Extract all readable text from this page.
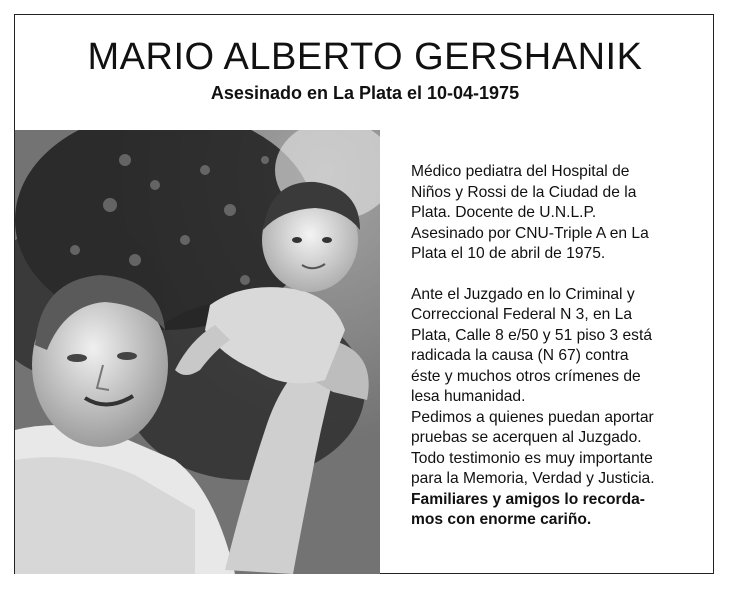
MARIO ALBERTO GERSHANIK
Asesinado en La Plata el 10-04-1975

Médico pediatra del Hospital de
Niños y Rossi de la Ciudad de la
Plata. Docente de U.N.L.P.
Asesinado por CNU-Triple A en La
Plata el 10 de abril de 1975.

Ante el Juzgado en lo Criminal y
Correccional Federal N 3, en La
Plata, Calle 8 e/50 y 51 piso 3 está
radicada la causa (N 67) contra
éste y muchos otros crímenes de
lesa humanidad.
Pedimos a quienes puedan aportar
pruebas se acerquen al Juzgado.
Todo testimonio es muy importante
para la Memoria, Verdad y Justicia.

Familiares y amigos lo recorda-
mos con enorme cariño.
